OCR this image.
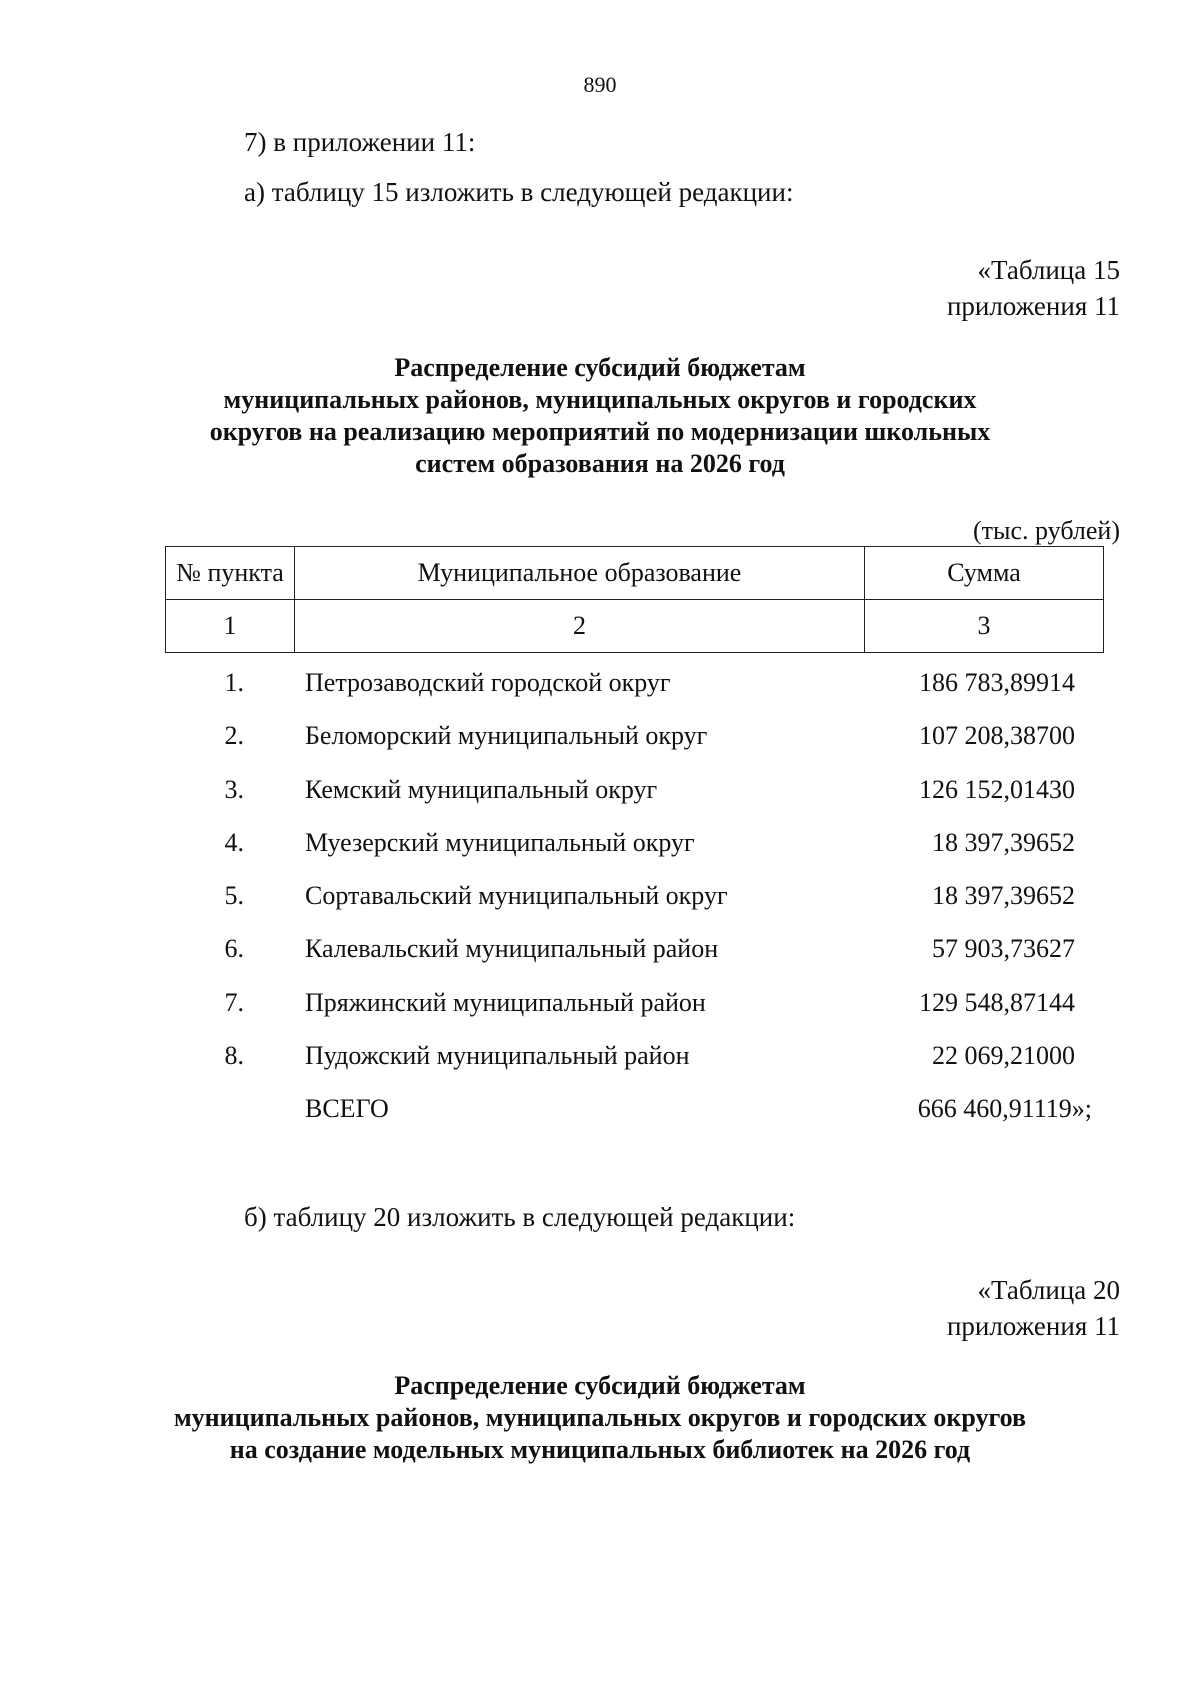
890
7) в приложении 11:
а) таблицу 15 изложить в следующей редакции:
«Таблица 15
приложения 11
Распределение субсидий бюджетам
муниципальных районов, муниципальных округов и городских
округов на реализацию мероприятий по модернизации школьных
систем образования на 2026 год
(тыс. рублей)
№ пункта	Муниципальное образование	Сумма
1	2	3
1. Петрозаводский городской округ	186 783,89914
2. Беломорский муниципальный округ	107 208,38700
3. Кемский муниципальный округ	126 152,01430
4. Муезерский муниципальный округ	18 397,39652
5. Сортавальский муниципальный округ	18 397,39652
6. Калевальский муниципальный район	57 903,73627
7. Пряжинский муниципальный район	129 548,87144
8. Пудожский муниципальный район	22 069,21000
ВСЕГО	666 460,91119»;
б) таблицу 20 изложить в следующей редакции:
«Таблица 20
приложения 11
Распределение субсидий бюджетам
муниципальных районов, муниципальных округов и городских округов
на создание модельных муниципальных библиотек на 2026 год
